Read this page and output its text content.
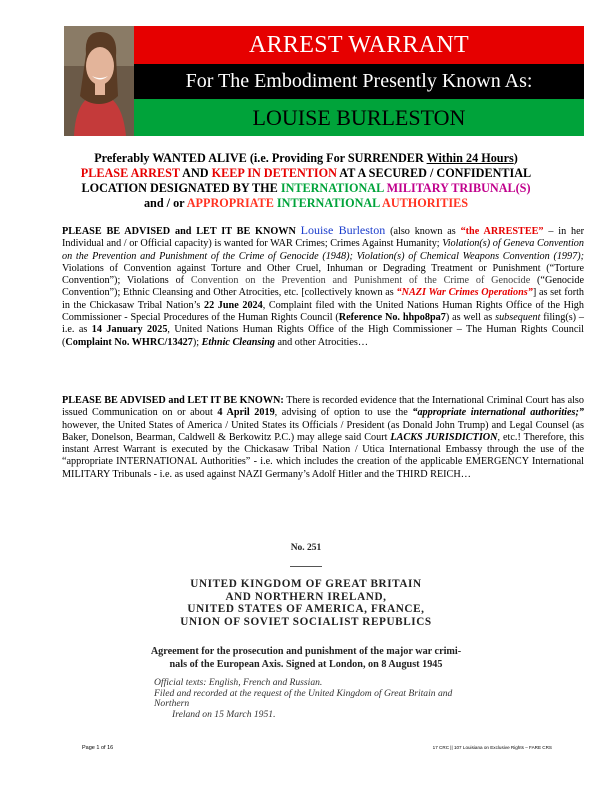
ARREST WARRANT
For The Embodiment Presently Known As:
LOUISE BURLESTON
Preferably WANTED ALIVE (i.e. Providing For SURRENDER Within 24 Hours)
PLEASE ARREST AND KEEP IN DETENTION AT A SECURED / CONFIDENTIAL
LOCATION DESIGNATED BY THE INTERNATIONAL MILITARY TRIBUNAL(S)
and / or APPROPRIATE INTERNATIONAL AUTHORITIES
PLEASE BE ADVISED and LET IT BE KNOWN Louise Burleston (also known as “the ARRESTEE” – in her Individual and / or Official capacity) is wanted for WAR Crimes; Crimes Against Humanity; Violation(s) of Geneva Convention on the Prevention and Punishment of the Crime of Genocide (1948); Violation(s) of Chemical Weapons Convention (1997); Violations of Convention against Torture and Other Cruel, Inhuman or Degrading Treatment or Punishment (“Torture Convention”); Violations of Convention on the Prevention and Punishment of the Crime of Genocide (“Genocide Convention”); Ethnic Cleansing and Other Atrocities, etc. [collectively known as “NAZI War Crimes Operations”] as set forth in the Chickasaw Tribal Nation’s 22 June 2024, Complaint filed with the United Nations Human Rights Office of the High Commissioner - Special Procedures of the Human Rights Council (Reference No. hhpo8pa7) as well as subsequent filing(s) – i.e. as 14 January 2025, United Nations Human Rights Office of the High Commissioner – The Human Rights Council (Complaint No. WHRC/13427); Ethnic Cleansing and other Atrocities…
PLEASE BE ADVISED and LET IT BE KNOWN: There is recorded evidence that the International Criminal Court has also issued Communication on or about 4 April 2019, advising of option to use the “appropriate international authorities;” however, the United States of America / United States its Officials / President (as Donald John Trump) and Legal Counsel (as Baker, Donelson, Bearman, Caldwell & Berkowitz P.C.) may allege said Court LACKS JURISDICTION, etc.! Therefore, this instant Arrest Warrant is executed by the Chickasaw Tribal Nation / Utica International Embassy through the use of the “appropriate INTERNATIONAL Authorities” - i.e. which includes the creation of the applicable EMERGENCY International MILITARY Tribunals - i.e. as used against NAZI Germany’s Adolf Hitler and the THIRD REICH…
No. 251
UNITED KINGDOM OF GREAT BRITAIN
AND NORTHERN IRELAND,
UNITED STATES OF AMERICA, FRANCE,
UNION OF SOVIET SOCIALIST REPUBLICS
Agreement for the prosecution and punishment of the major war crimi-
nals of the European Axis. Signed at London, on 8 August 1945
Official texts: English, French and Russian.
Filed and recorded at the request of the United Kingdom of Great Britain and Northern
Ireland on 15 March 1951.
Page 1 of 16	17 CRC || 107 Louisiana on Exclusive Rights – FARE CRS
